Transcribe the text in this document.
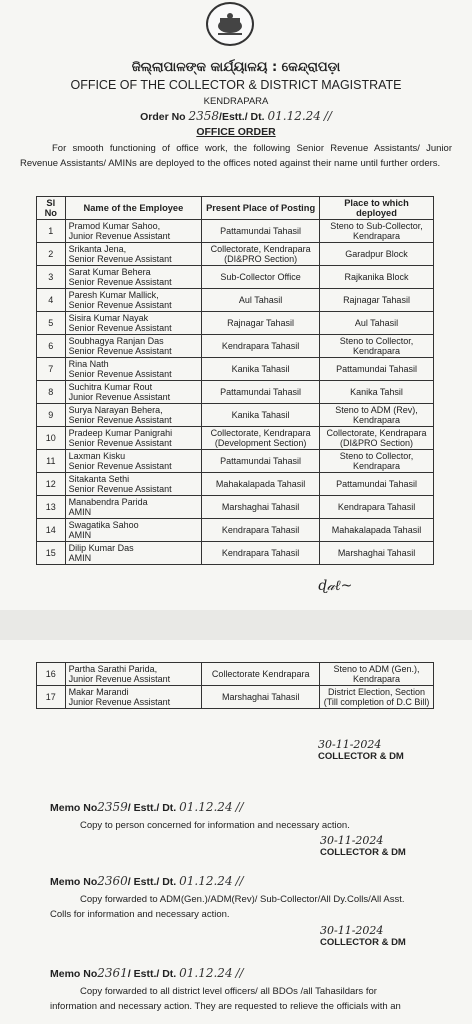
ଜିଲ୍ଲାପାଳଙ୍କ କାର୍ଯ୍ୟାଳୟ : କେନ୍ଦ୍ରାପଡ଼ା
OFFICE OF THE COLLECTOR & DISTRICT MAGISTRATE
KENDRAPARA
Order No 2358/Estt./ Dt. 01.12.24 //
OFFICE ORDER
For smooth functioning of office work, the following Senior Revenue Assistants/ Junior Revenue Assistants/ AMINs are deployed to the offices noted against their name until further orders.
Sl No	Name of the Employee	Present Place of Posting	Place to which deployed
1	Pramod Kumar Sahoo,
Junior Revenue Assistant	Pattamundai Tahasil	Steno to Sub-Collector, Kendrapara
2	Srikanta Jena,
Senior Revenue Assistant	Collectorate, Kendrapara (DI&PRO Section)	Garadpur Block
3	Sarat Kumar Behera
Senior Revenue Assistant	Sub-Collector Office	Rajkanika Block
4	Paresh Kumar Mallick,
Senior Revenue Assistant	Aul Tahasil	Rajnagar Tahasil
5	Sisira Kumar Nayak
Senior Revenue Assistant	Rajnagar Tahasil	Aul Tahasil
6	Soubhagya Ranjan Das
Senior Revenue Assistant	Kendrapara Tahasil	Steno to Collector, Kendrapara
7	Rina Nath
Senior Revenue Assistant	Kanika Tahasil	Pattamundai Tahasil
8	Suchitra Kumar Rout
Junior Revenue Assistant	Pattamundai Tahasil	Kanika Tahsil
9	Surya Narayan Behera,
Senior Revenue Assistant	Kanika Tahasil	Steno to ADM (Rev), Kendrapara
10	Pradeep Kumar Panigrahi
Senior Revenue Assistant	Collectorate, Kendrapara (Development Section)	Collectorate, Kendrapara (DI&PRO Section)
11	Laxman Kisku
Senior Revenue Assistant	Pattamundai Tahasil	Steno to Collector, Kendrapara
12	Sitakanta Sethi
Senior Revenue Assistant	Mahakalapada Tahasil	Pattamundai Tahasil
13	Manabendra Parida
AMIN	Marshaghai Tahasil	Kendrapara Tahasil
14	Swagatika Sahoo
AMIN	Kendrapara Tahasil	Mahakalapada Tahasil
15	Dilip Kumar Das
AMIN	Kendrapara Tahasil	Marshaghai Tahasil
ɖ𝒶ℓ~
16	Partha Sarathi Parida,
Junior Revenue Assistant	Collectorate Kendrapara	Steno to ADM (Gen.), Kendrapara
17	Makar Marandi
Junior Revenue Assistant	Marshaghai Tahasil	District Election, Section (Till completion of D.C Bill)
30-11-2024
COLLECTOR & DM
Memo No2359/ Estt./ Dt. 01.12.24 //
Copy to person concerned for information and necessary action.
30-11-2024
COLLECTOR & DM
Memo No2360/ Estt./ Dt. 01.12.24 //
Copy forwarded to ADM(Gen.)/ADM(Rev)/ Sub-Collector/All Dy.Colls/All Asst. Colls for information and necessary action.
30-11-2024
COLLECTOR & DM
Memo No2361/ Estt./ Dt. 01.12.24 //
Copy forwarded to all district level officers/ all BDOs /all Tahasildars for information and necessary action. They are requested to relieve the officials with an
